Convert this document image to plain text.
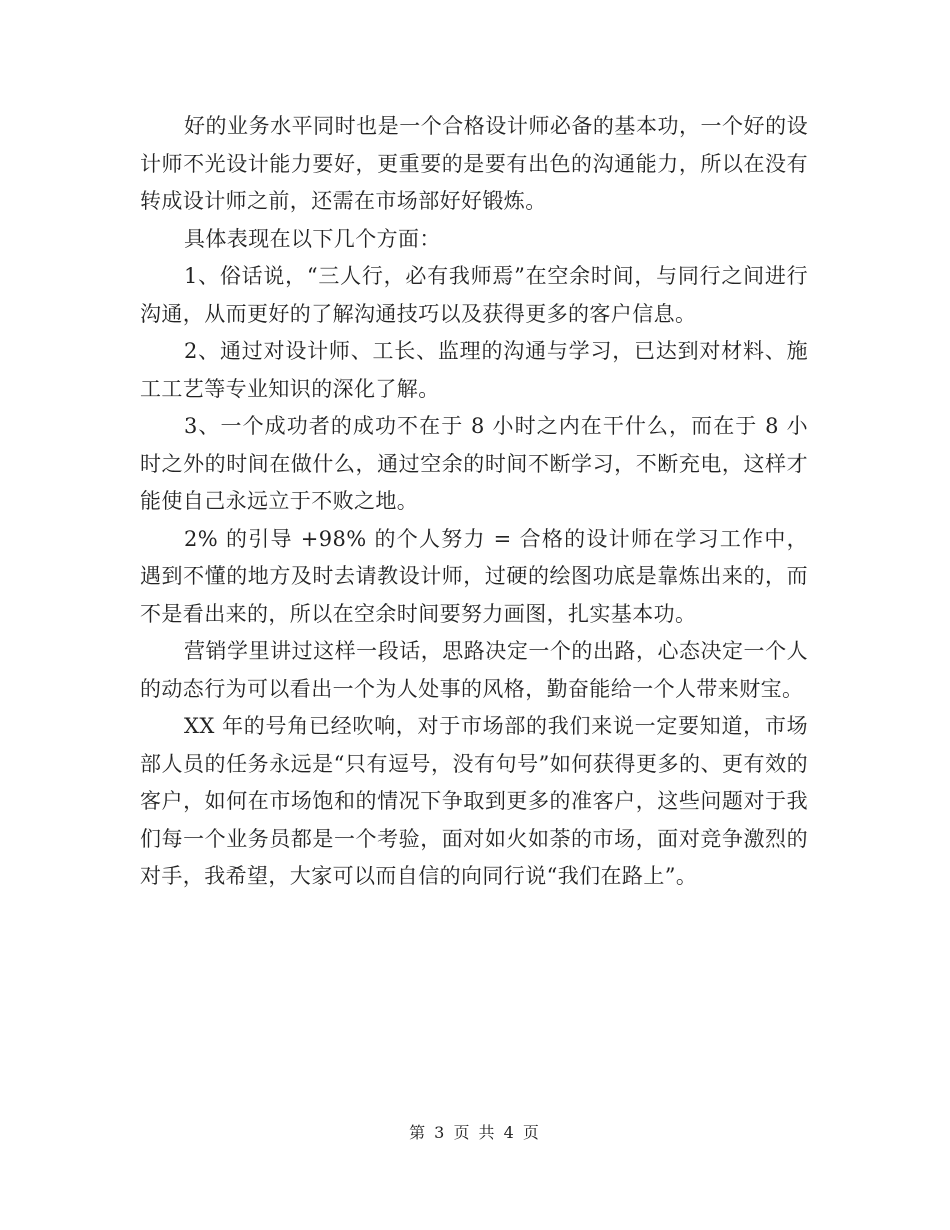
好的业务水平同时也是一个合格设计师必备的基本功，一个好的设计师不光设计能力要好，更重要的是要有出色的沟通能力，所以在没有转成设计师之前，还需在市场部好好锻炼。

具体表现在以下几个方面：

1、俗话说，“三人行，必有我师焉”在空余时间，与同行之间进行沟通，从而更好的了解沟通技巧以及获得更多的客户信息。

2、通过对设计师、工长、监理的沟通与学习，已达到对材料、施工工艺等专业知识的深化了解。

3、一个成功者的成功不在于 8 小时之内在干什么，而在于 8 小时之外的时间在做什么，通过空余的时间不断学习，不断充电，这样才能使自己永远立于不败之地。

2% 的引导 +98% 的个人努力 = 合格的设计师在学习工作中，遇到不懂的地方及时去请教设计师，过硬的绘图功底是靠炼出来的，而不是看出来的，所以在空余时间要努力画图，扎实基本功。

营销学里讲过这样一段话，思路决定一个的出路，心态决定一个人的动态行为可以看出一个为人处事的风格，勤奋能给一个人带来财宝。

XX 年的号角已经吹响，对于市场部的我们来说一定要知道，市场部人员的任务永远是“只有逗号，没有句号”如何获得更多的、更有效的客户，如何在市场饱和的情况下争取到更多的准客户，这些问题对于我们每一个业务员都是一个考验，面对如火如荼的市场，面对竞争激烈的对手，我希望，大家可以而自信的向同行说“我们在路上”。

第 3 页 共 4 页
